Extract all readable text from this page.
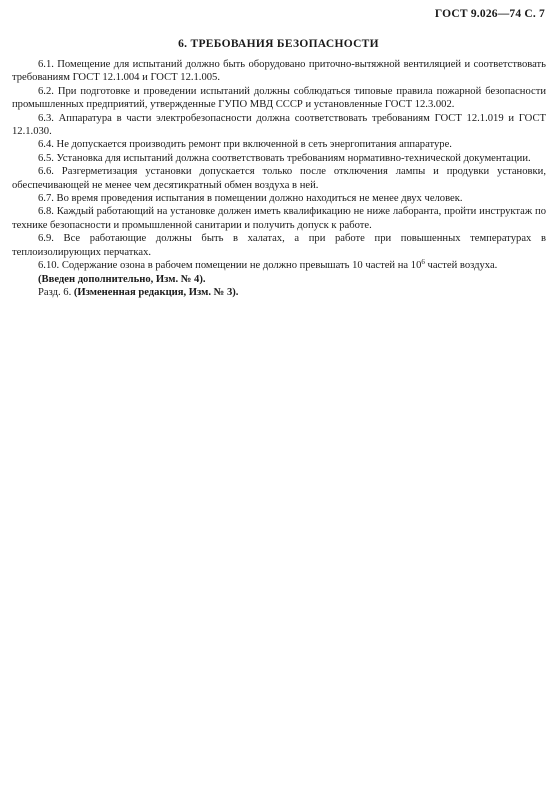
ГОСТ 9.026—74 С. 7
6. ТРЕБОВАНИЯ БЕЗОПАСНОСТИ

6.1. Помещение для испытаний должно быть оборудовано приточно-вытяжной вентиляцией и соответствовать требованиям ГОСТ 12.1.004 и ГОСТ 12.1.005.

6.2. При подготовке и проведении испытаний должны соблюдаться типовые правила пожарной безопасности промышленных предприятий, утвержденные ГУПО МВД СССР и установленные ГОСТ 12.3.002.

6.3. Аппаратура в части электробезопасности должна соответствовать требованиям ГОСТ 12.1.019 и ГОСТ 12.1.030.

6.4. Не допускается производить ремонт при включенной в сеть энергопитания аппаратуре.

6.5. Установка для испытаний должна соответствовать требованиям нормативно-технической документации.

6.6. Разгерметизация установки допускается только после отключения лампы и продувки установки, обеспечивающей не менее чем десятикратный обмен воздуха в ней.

6.7. Во время проведения испытания в помещении должно находиться не менее двух человек.

6.8. Каждый работающий на установке должен иметь квалификацию не ниже лаборанта, пройти инструктаж по технике безопасности и промышленной санитарии и получить допуск к работе.

6.9. Все работающие должны быть в халатах, а при работе при повышенных температурах в теплоизолирующих перчатках.

6.10. Содержание озона в рабочем помещении не должно превышать 10 частей на $10^6$ частей воздуха.

(Введен дополнительно, Изм. № 4).

Разд. 6. (Измененная редакция, Изм. № 3).
